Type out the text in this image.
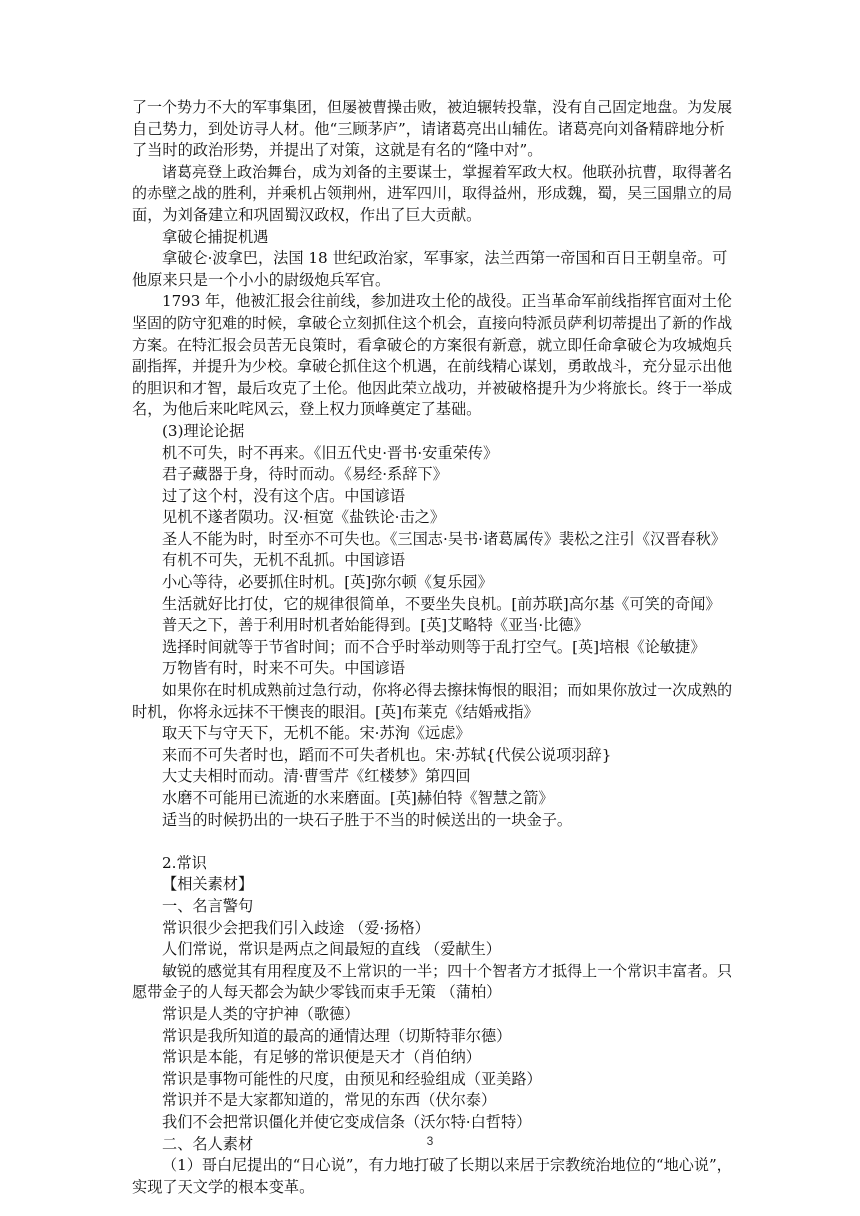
了一个势力不大的军事集团，但屡被曹操击败，被迫辗转投靠，没有自己固定地盘。为发展

自己势力，到处访寻人材。他“三顾茅庐”，请诸葛亮出山辅佐。诸葛亮向刘备精辟地分析

了当时的政治形势，并提出了对策，这就是有名的“隆中对”。

诸葛亮登上政治舞台，成为刘备的主要谋士，掌握着军政大权。他联孙抗曹，取得著名

的赤壁之战的胜利，并乘机占领荆州，进军四川，取得益州，形成魏，蜀，吴三国鼎立的局

面，为刘备建立和巩固蜀汉政权，作出了巨大贡献。

拿破仑捕捉机遇

拿破仑·波拿巴，法国 18 世纪政治家，军事家，法兰西第一帝国和百日王朝皇帝。可

他原来只是一个小小的尉级炮兵军官。

1793 年，他被汇报会往前线，参加进攻土伦的战役。正当革命军前线指挥官面对土伦

坚固的防守犯难的时候，拿破仑立刻抓住这个机会，直接向特派员萨利切蒂提出了新的作战

方案。在特汇报会员苦无良策时，看拿破仑的方案很有新意，就立即任命拿破仑为攻城炮兵

副指挥，并提升为少校。拿破仑抓住这个机遇，在前线精心谋划，勇敢战斗，充分显示出他

的胆识和才智，最后攻克了土伦。他因此荣立战功，并被破格提升为少将旅长。终于一举成

名，为他后来叱咤风云，登上权力顶峰奠定了基础。

(3)理论论据

机不可失，时不再来。《旧五代史·晋书·安重荣传》

君子藏器于身，待时而动。《易经·系辞下》

过了这个村，没有这个店。中国谚语

见机不遂者陨功。汉·桓宽《盐铁论·击之》

圣人不能为时，时至亦不可失也。《三国志·吴书·诸葛属传》裴松之注引《汉晋春秋》

有机不可失，无机不乱抓。中国谚语

小心等待，必要抓住时机。[英]弥尔顿《复乐园》

生活就好比打仗，它的规律很简单，不要坐失良机。[前苏联]高尔基《可笑的奇闻》

普天之下，善于利用时机者始能得到。[英]艾略特《亚当·比德》

选择时间就等于节省时间；而不合乎时举动则等于乱打空气。[英]培根《论敏捷》

万物皆有时，时来不可失。中国谚语

如果你在时机成熟前过急行动，你将必得去擦抹悔恨的眼泪；而如果你放过一次成熟的

时机，你将永远抹不干懊丧的眼泪。[英]布莱克《结婚戒指》

取天下与守天下，无机不能。宋·苏洵《远虑》

来而不可失者时也，蹈而不可失者机也。宋·苏轼{代侯公说项羽辞}

大丈夫相时而动。清·曹雪芹《红楼梦》第四回

水磨不可能用已流逝的水来磨面。[英]赫伯特《智慧之箭》

适当的时候扔出的一块石子胜于不当的时候送出的一块金子。

2.常识

【相关素材】

一、名言警句

常识很少会把我们引入歧途 （爱·扬格）

人们常说，常识是两点之间最短的直线 （爱献生）

敏锐的感觉其有用程度及不上常识的一半；四十个智者方才抵得上一个常识丰富者。只

愿带金子的人每天都会为缺少零钱而束手无策 （蒲柏）

常识是人类的守护神（歌德）

常识是我所知道的最高的通情达理（切斯特菲尔德）

常识是本能，有足够的常识便是天才（肖伯纳）

常识是事物可能性的尺度，由预见和经验组成（亚美路）

常识并不是大家都知道的，常见的东西（伏尔泰）

我们不会把常识僵化并使它变成信条（沃尔特·白哲特）

二、名人素材

（1）哥白尼提出的“日心说”，有力地打破了长期以来居于宗教统治地位的“地心说”，

实现了天文学的根本变革。

3
